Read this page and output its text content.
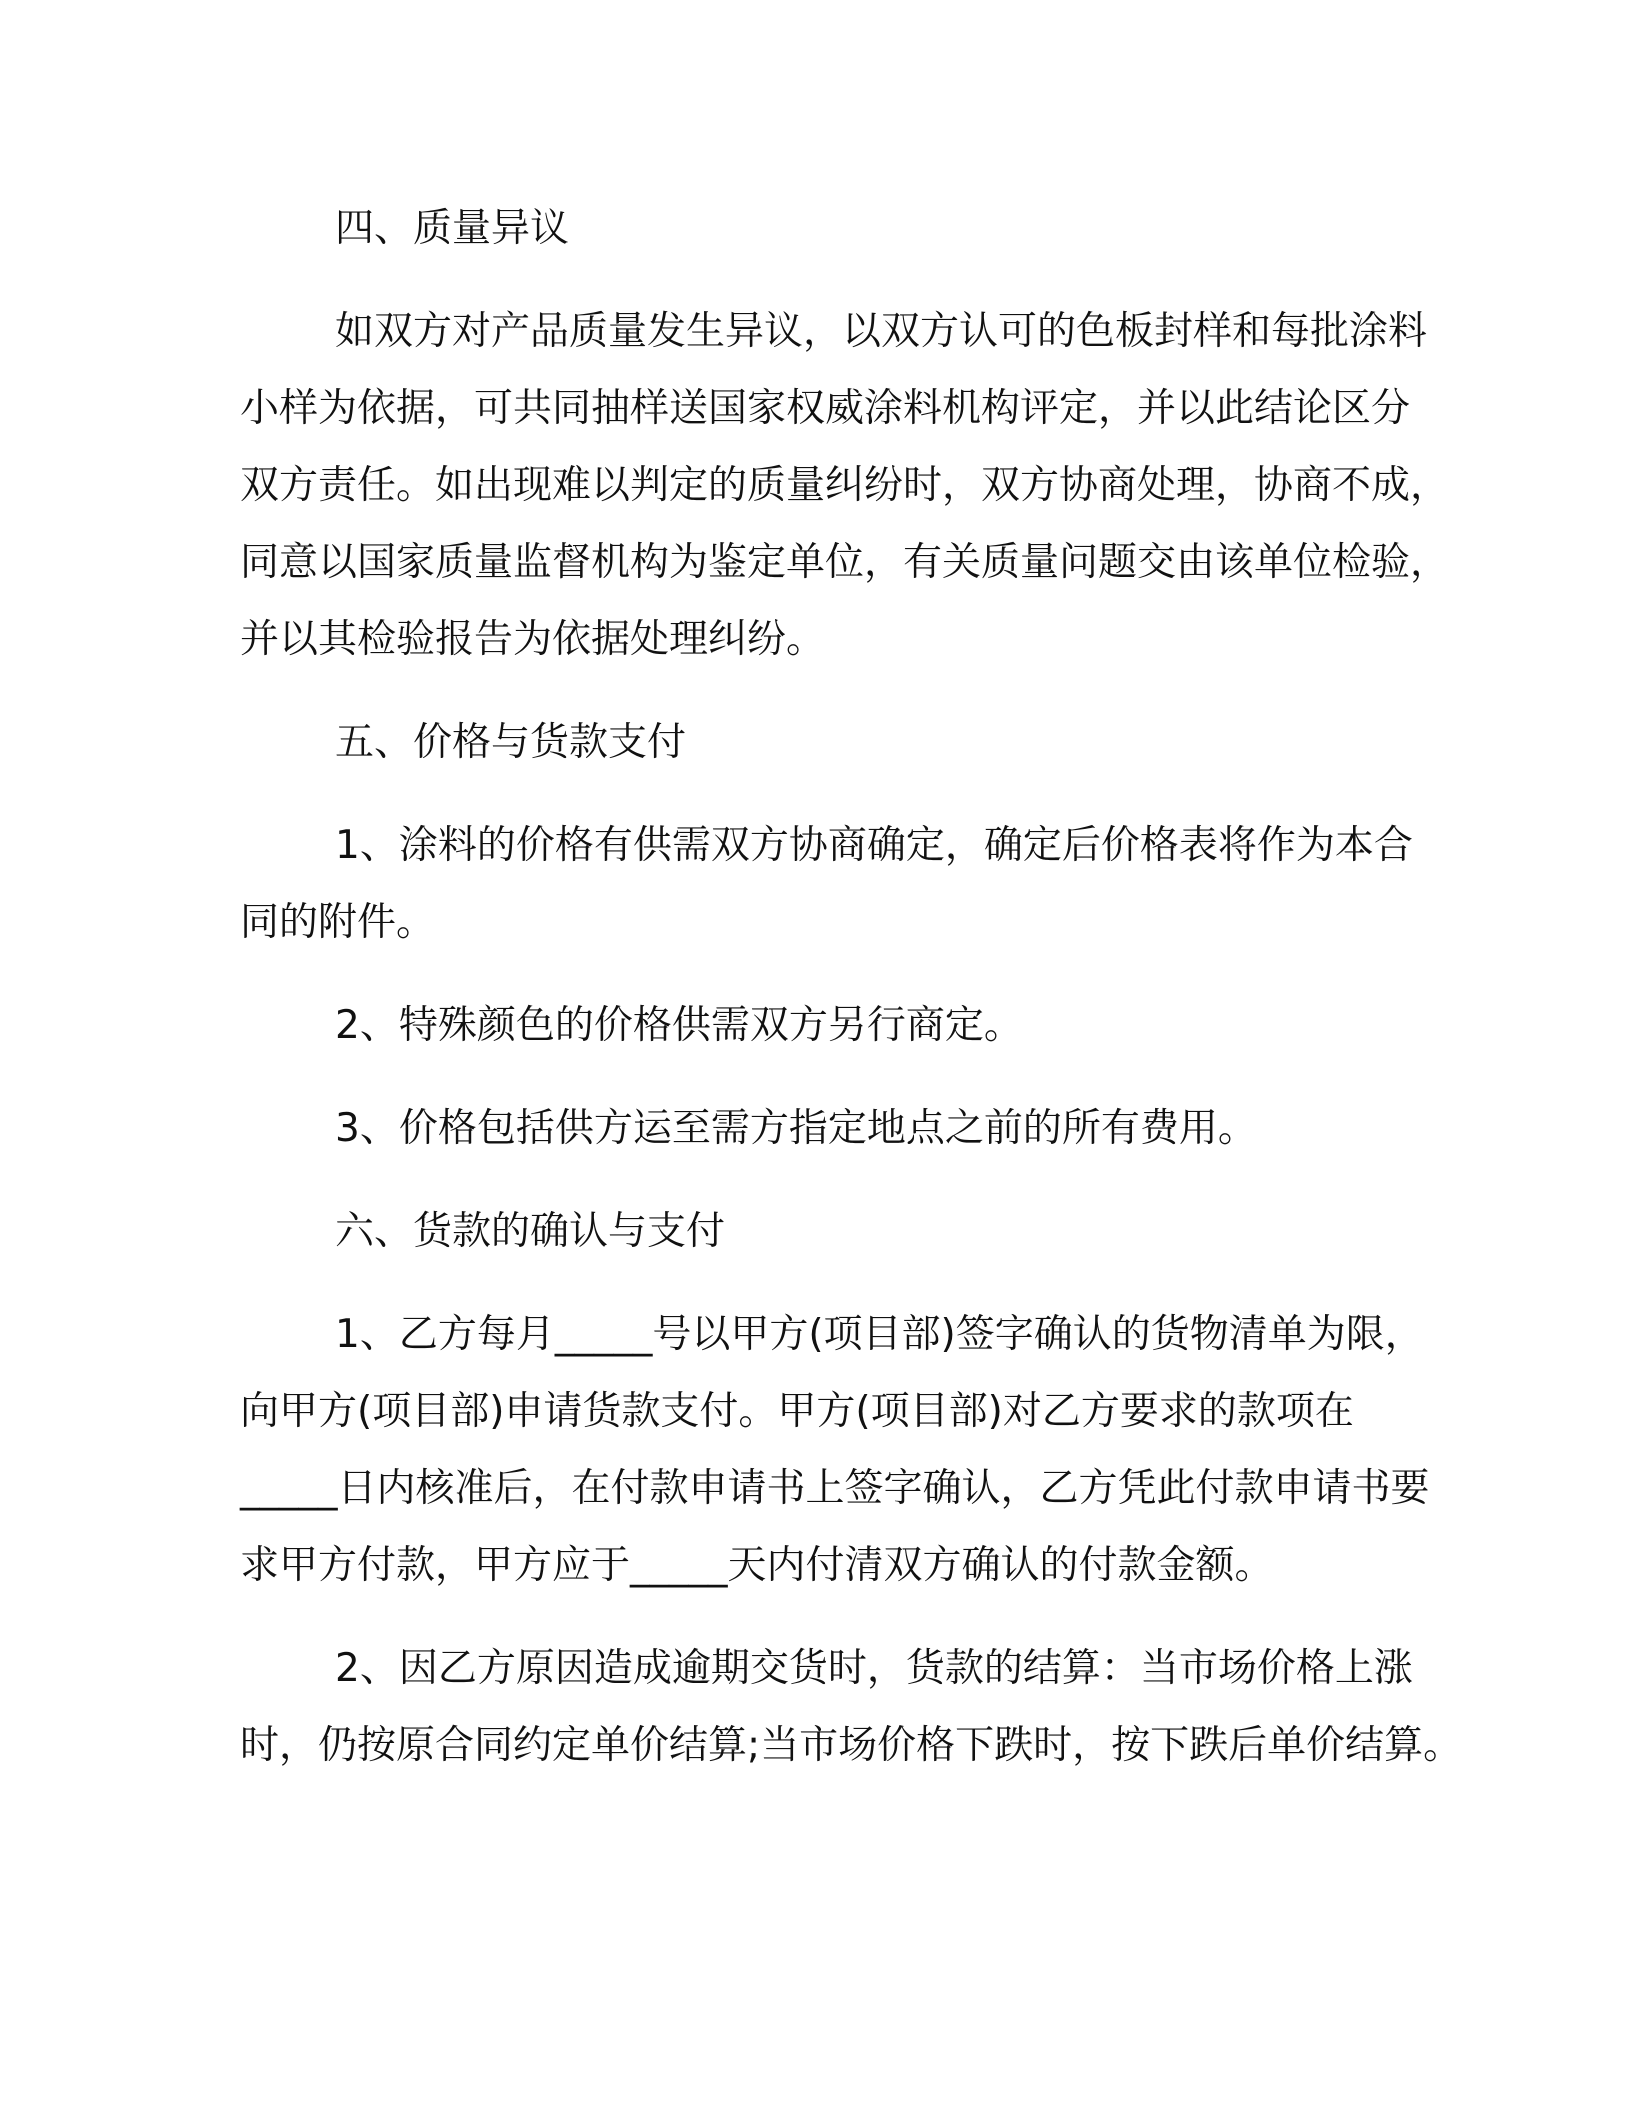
四、质量异议
如双方对产品质量发生异议，以双方认可的色板封样和每批涂料
小样为依据，可共同抽样送国家权威涂料机构评定，并以此结论区分
双方责任。如出现难以判定的质量纠纷时，双方协商处理，协商不成，
同意以国家质量监督机构为鉴定单位，有关质量问题交由该单位检验，
并以其检验报告为依据处理纠纷。
五、价格与货款支付
1、涂料的价格有供需双方协商确定，确定后价格表将作为本合
同的附件。
2、特殊颜色的价格供需双方另行商定。
3、价格包括供方运至需方指定地点之前的所有费用。
六、货款的确认与支付
1、乙方每月_____号以甲方(项目部)签字确认的货物清单为限，
向甲方(项目部)申请货款支付。甲方(项目部)对乙方要求的款项在
_____日内核准后，在付款申请书上签字确认，乙方凭此付款申请书要
求甲方付款，甲方应于_____天内付清双方确认的付款金额。
2、因乙方原因造成逾期交货时，货款的结算：当市场价格上涨
时，仍按原合同约定单价结算;当市场价格下跌时，按下跌后单价结算。
